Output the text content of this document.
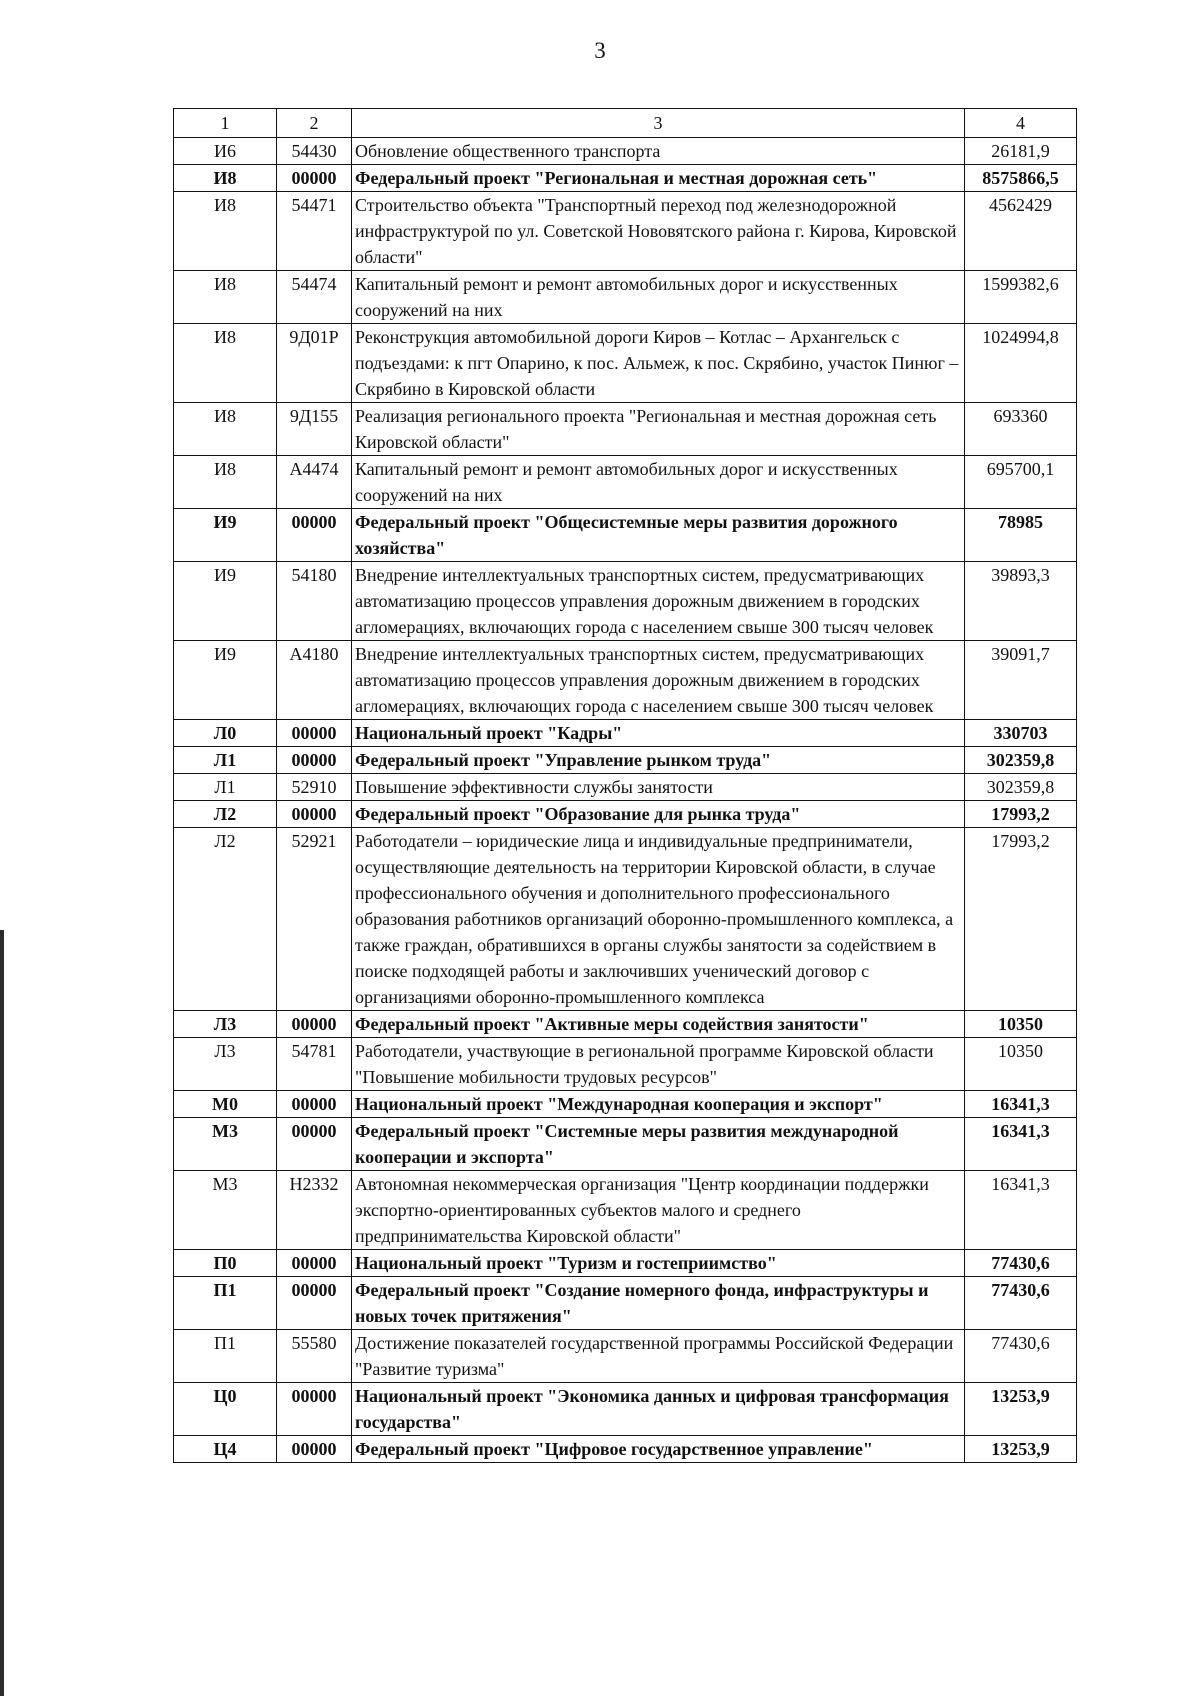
3
1	2	3	4
И6	54430	Обновление общественного транспорта	26181,9
И8	00000	Федеральный проект "Региональная и местная дорожная сеть"	8575866,5
И8	54471	Строительство объекта "Транспортный переход под железнодорожной инфраструктурой по ул. Советской Нововятского района г. Кирова, Кировской области"	4562429
И8	54474	Капитальный ремонт и ремонт автомобильных дорог и искусственных сооружений на них	1599382,6
И8	9Д01Р	Реконструкция автомобильной дороги Киров – Котлас – Архангельск с подъездами: к пгт Опарино, к пос. Альмеж, к пос. Скрябино, участок Пинюг – Скрябино в Кировской области	1024994,8
И8	9Д155	Реализация регионального проекта "Региональная и местная дорожная сеть Кировской области"	693360
И8	А4474	Капитальный ремонт и ремонт автомобильных дорог и искусственных сооружений на них	695700,1
И9	00000	Федеральный проект "Общесистемные меры развития дорожного хозяйства"	78985
И9	54180	Внедрение интеллектуальных транспортных систем, предусматривающих автоматизацию процессов управления дорожным движением в городских агломерациях, включающих города с населением свыше 300 тысяч человек	39893,3
И9	А4180	Внедрение интеллектуальных транспортных систем, предусматривающих автоматизацию процессов управления дорожным движением в городских агломерациях, включающих города с населением свыше 300 тысяч человек	39091,7
Л0	00000	Национальный проект "Кадры"	330703
Л1	00000	Федеральный проект "Управление рынком труда"	302359,8
Л1	52910	Повышение эффективности службы занятости	302359,8
Л2	00000	Федеральный проект "Образование для рынка труда"	17993,2
Л2	52921	Работодатели – юридические лица и индивидуальные предприниматели, осуществляющие деятельность на территории Кировской области, в случае профессионального обучения и дополнительного профессионального образования работников организаций оборонно-промышленного комплекса, а также граждан, обратившихся в органы службы занятости за содействием в поиске подходящей работы и заключивших ученический договор с организациями оборонно-промышленного комплекса	17993,2
Л3	00000	Федеральный проект "Активные меры содействия занятости"	10350
Л3	54781	Работодатели, участвующие в региональной программе Кировской области "Повышение мобильности трудовых ресурсов"	10350
М0	00000	Национальный проект "Международная кооперация и экспорт"	16341,3
М3	00000	Федеральный проект "Системные меры развития международной кооперации и экспорта"	16341,3
М3	Н2332	Автономная некоммерческая организация "Центр координации поддержки экспортно-ориентированных субъектов малого и среднего предпринимательства Кировской области"	16341,3
П0	00000	Национальный проект "Туризм и гостеприимство"	77430,6
П1	00000	Федеральный проект "Создание номерного фонда, инфраструктуры и новых точек притяжения"	77430,6
П1	55580	Достижение показателей государственной программы Российской Федерации "Развитие туризма"	77430,6
Ц0	00000	Национальный проект "Экономика данных и цифровая трансформация государства"	13253,9
Ц4	00000	Федеральный проект "Цифровое государственное управление"	13253,9
